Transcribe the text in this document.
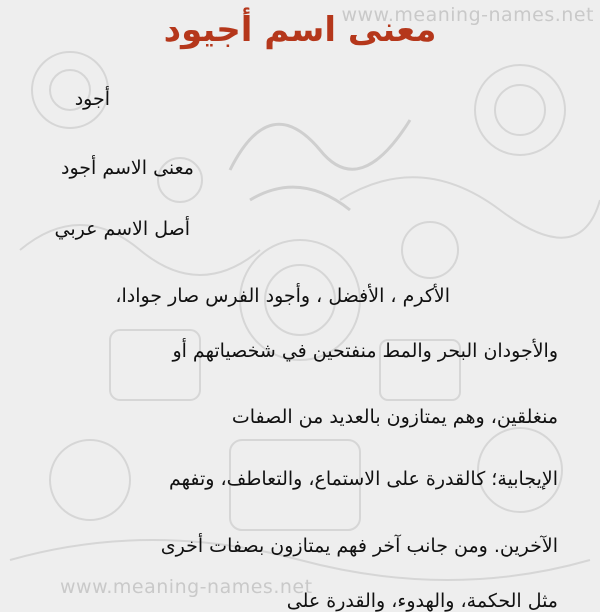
www.meaning-names.net
معنى اسم أجيود
أجود
معنى الاسم أجود
أصل الاسم عربي
الأكرم ، الأفضل ، وأجود الفرس صار جوادا،
والأجودان البحر والمط منفتحين في شخصياتهم أو
منغلقين، وهم يمتازون بالعديد من الصفات
الإيجابية؛ كالقدرة على الاستماع، والتعاطف، وتفهم
الآخرين. ومن جانب آخر فهم يمتازون بصفات أخرى
مثل الحكمة، والهدوء، والقدرة على
www.meaning-names.net
